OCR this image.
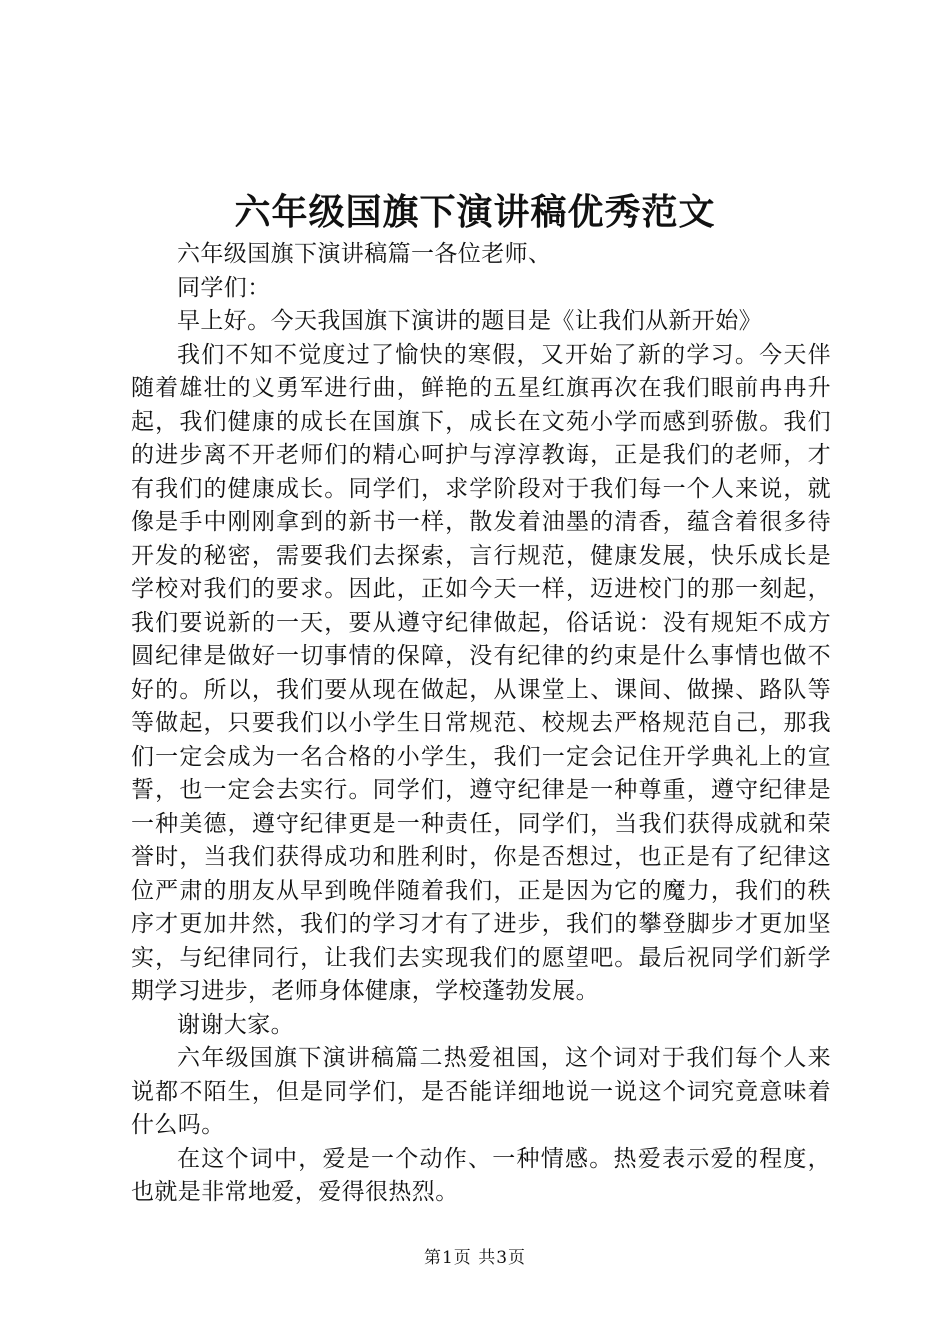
六年级国旗下演讲稿优秀范文

六年级国旗下演讲稿篇一各位老师、

同学们：

早上好。今天我国旗下演讲的题目是《让我们从新开始》

我们不知不觉度过了愉快的寒假，又开始了新的学习。今天伴随着雄壮的义勇军进行曲，鲜艳的五星红旗再次在我们眼前冉冉升起，我们健康的成长在国旗下，成长在文苑小学而感到骄傲。我们的进步离不开老师们的精心呵护与淳淳教诲，正是我们的老师，才有我们的健康成长。同学们，求学阶段对于我们每一个人来说，就像是手中刚刚拿到的新书一样，散发着油墨的清香，蕴含着很多待开发的秘密，需要我们去探索，言行规范，健康发展，快乐成长是学校对我们的要求。因此，正如今天一样，迈进校门的那一刻起，我们要说新的一天，要从遵守纪律做起，俗话说：没有规矩不成方圆纪律是做好一切事情的保障，没有纪律的约束是什么事情也做不好的。所以，我们要从现在做起，从课堂上、课间、做操、路队等等做起，只要我们以小学生日常规范、校规去严格规范自己，那我们一定会成为一名合格的小学生，我们一定会记住开学典礼上的宣誓，也一定会去实行。同学们，遵守纪律是一种尊重，遵守纪律是一种美德，遵守纪律更是一种责任，同学们，当我们获得成就和荣誉时，当我们获得成功和胜利时，你是否想过，也正是有了纪律这位严肃的朋友从早到晚伴随着我们，正是因为它的魔力，我们的秩序才更加井然，我们的学习才有了进步，我们的攀登脚步才更加坚实，与纪律同行，让我们去实现我们的愿望吧。最后祝同学们新学期学习进步，老师身体健康，学校蓬勃发展。

谢谢大家。

六年级国旗下演讲稿篇二热爱祖国，这个词对于我们每个人来说都不陌生，但是同学们，是否能详细地说一说这个词究竟意味着什么吗。

在这个词中，爱是一个动作、一种情感。热爱表示爱的程度，也就是非常地爱，爱得很热烈。

第1页 共3页
